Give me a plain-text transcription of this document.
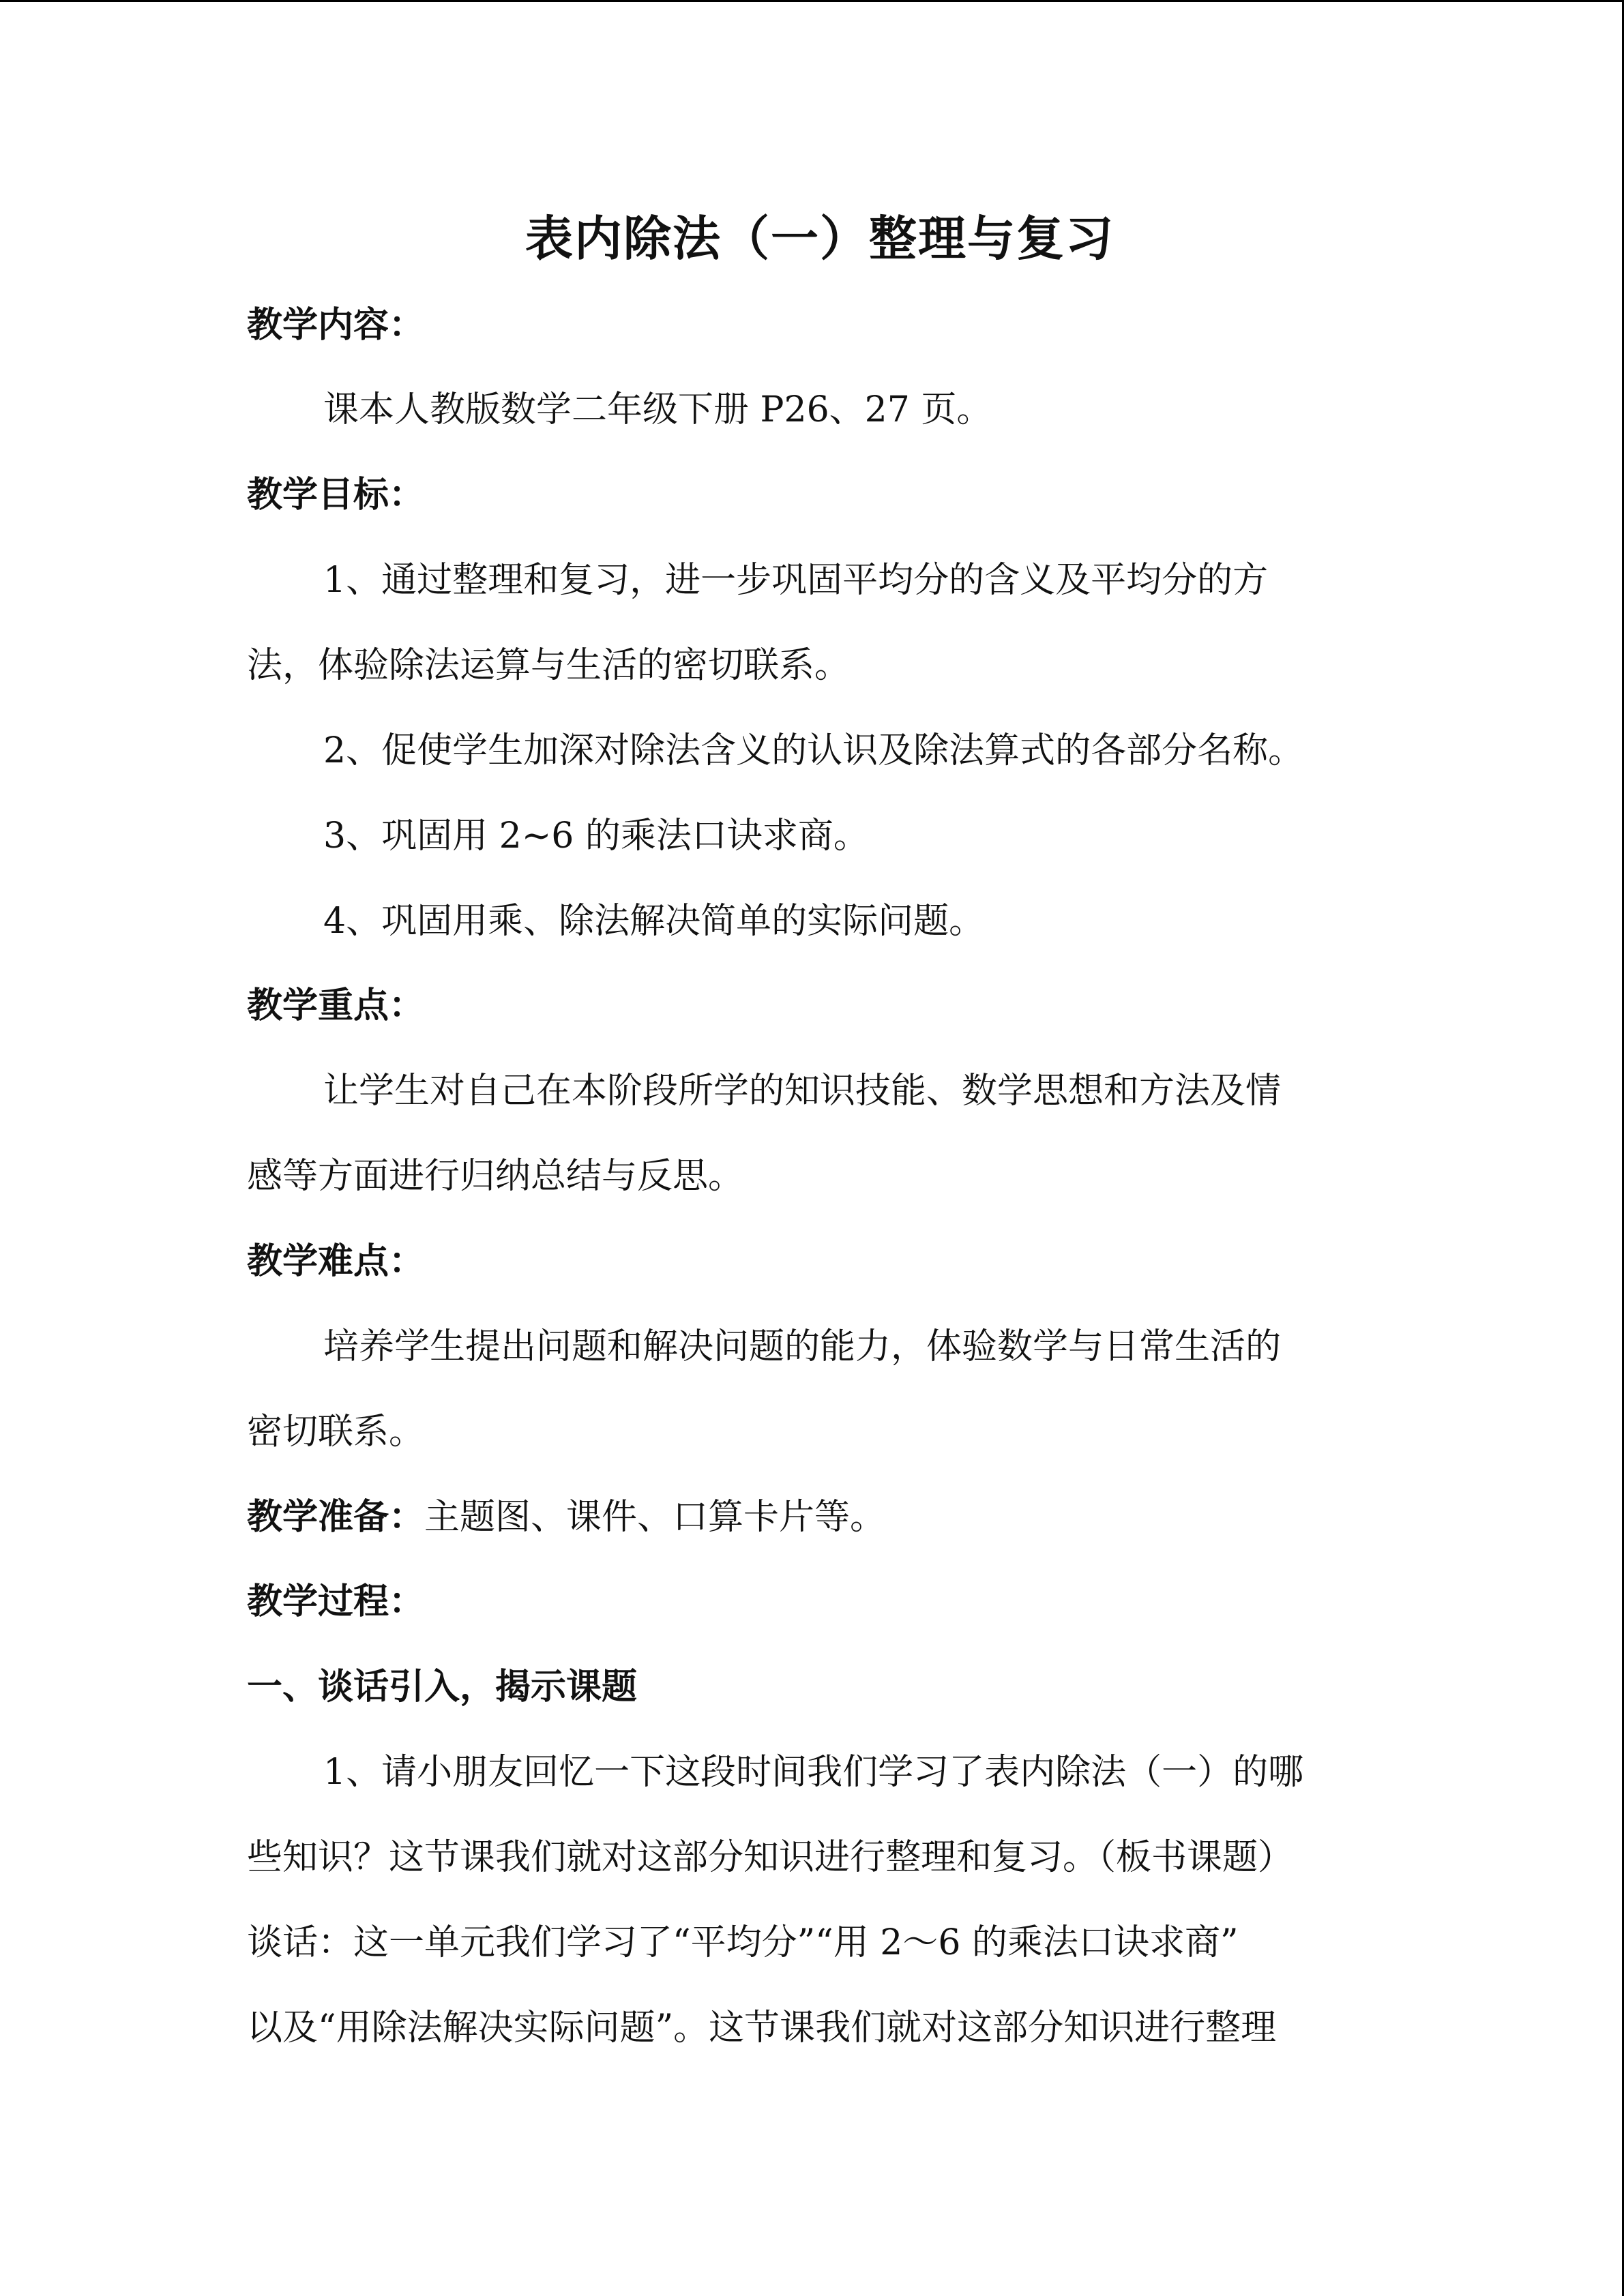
表内除法（一）整理与复习
教学内容：
课本人教版数学二年级下册 P26、27 页。
教学目标：
1、通过整理和复习，进一步巩固平均分的含义及平均分的方
法，体验除法运算与生活的密切联系。
2、促使学生加深对除法含义的认识及除法算式的各部分名称。
3、巩固用 2~6 的乘法口诀求商。
4、巩固用乘、除法解决简单的实际问题。
教学重点：
让学生对自己在本阶段所学的知识技能、数学思想和方法及情
感等方面进行归纳总结与反思。
教学难点：
培养学生提出问题和解决问题的能力，体验数学与日常生活的
密切联系。
教学准备：主题图、课件、口算卡片等。
教学过程：
一、谈话引入，揭示课题
1、请小朋友回忆一下这段时间我们学习了表内除法（一）的哪
些知识？这节课我们就对这部分知识进行整理和复习。（板书课题）
谈话：这一单元我们学习了“平均分”“用 2～6 的乘法口诀求商”
以及“用除法解决实际问题”。这节课我们就对这部分知识进行整理
